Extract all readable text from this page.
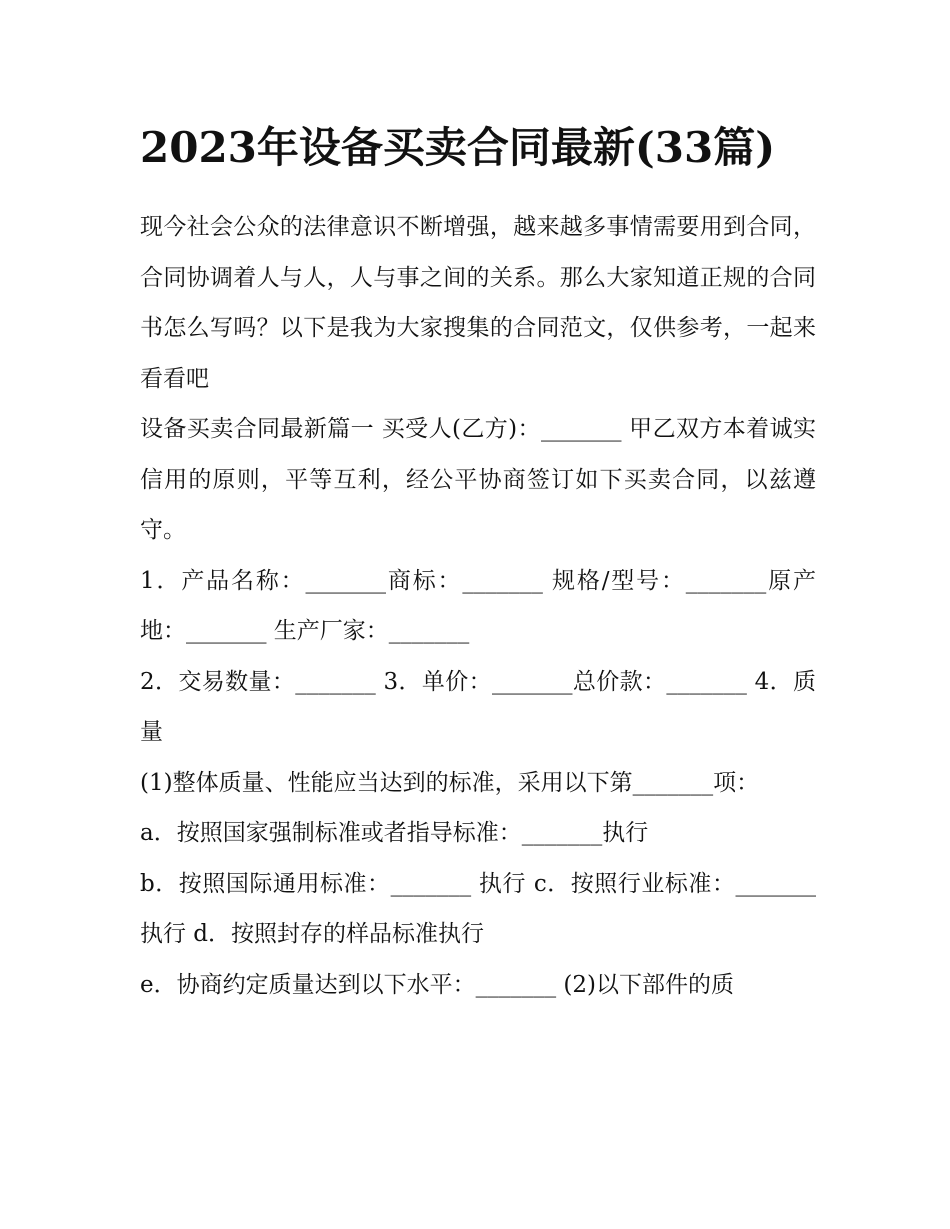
2023年设备买卖合同最新(33篇)

现今社会公众的法律意识不断增强，越来越多事情需要用到合同，合同协调着人与人，人与事之间的关系。那么大家知道正规的合同书怎么写吗？以下是我为大家搜集的合同范文，仅供参考，一起来看看吧

设备买卖合同最新篇一 买受人(乙方)：_______ 甲乙双方本着诚实信用的原则，平等互利，经公平协商签订如下买卖合同，以兹遵守。

1．产品名称：_______商标：_______ 规格/型号：_______原产地：_______ 生产厂家：_______

2．交易数量：_______ 3．单价：_______总价款：_______ 4．质量

(1)整体质量、性能应当达到的标准，采用以下第_______项：

a．按照国家强制标准或者指导标准：_______执行

b．按照国际通用标准：_______ 执行 c．按照行业标准：_______ 执行 d．按照封存的样品标准执行

e．协商约定质量达到以下水平：_______ (2)以下部件的质
